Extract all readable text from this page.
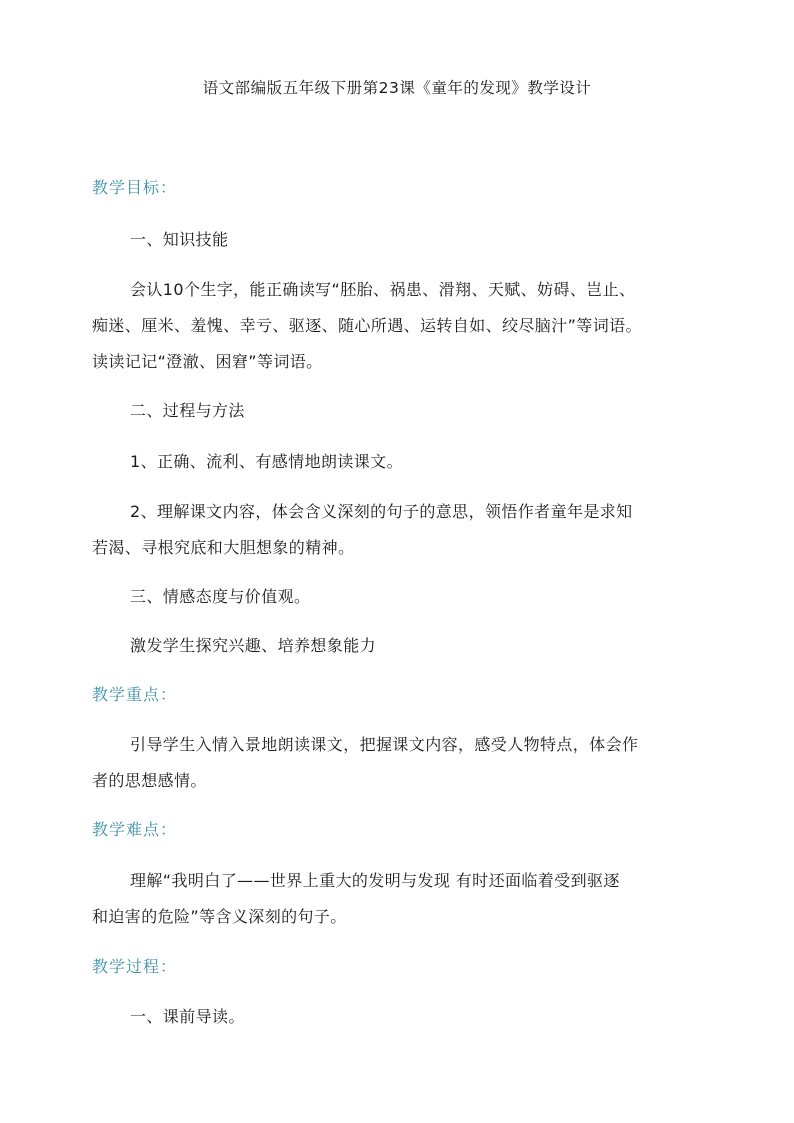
语文部编版五年级下册第23课《童年的发现》教学设计
教学目标：
一、知识技能
会认10个生字，能正确读写“胚胎、祸患、滑翔、天赋、妨碍、岂止、
痴迷、厘米、羞愧、幸亏、驱逐、随心所遇、运转自如、绞尽脑汁”等词语。
读读记记“澄澈、困窘”等词语。
二、过程与方法
1、正确、流利、有感情地朗读课文。
2、理解课文内容，体会含义深刻的句子的意思，领悟作者童年是求知
若渴、寻根究底和大胆想象的精神。
三、情感态度与价值观。
激发学生探究兴趣、培养想象能力
教学重点：
引导学生入情入景地朗读课文，把握课文内容，感受人物特点，体会作
者的思想感情。
教学难点：
理解“我明白了——世界上重大的发明与发现 有时还面临着受到驱逐
和迫害的危险”等含义深刻的句子。
教学过程：
一、课前导读。
